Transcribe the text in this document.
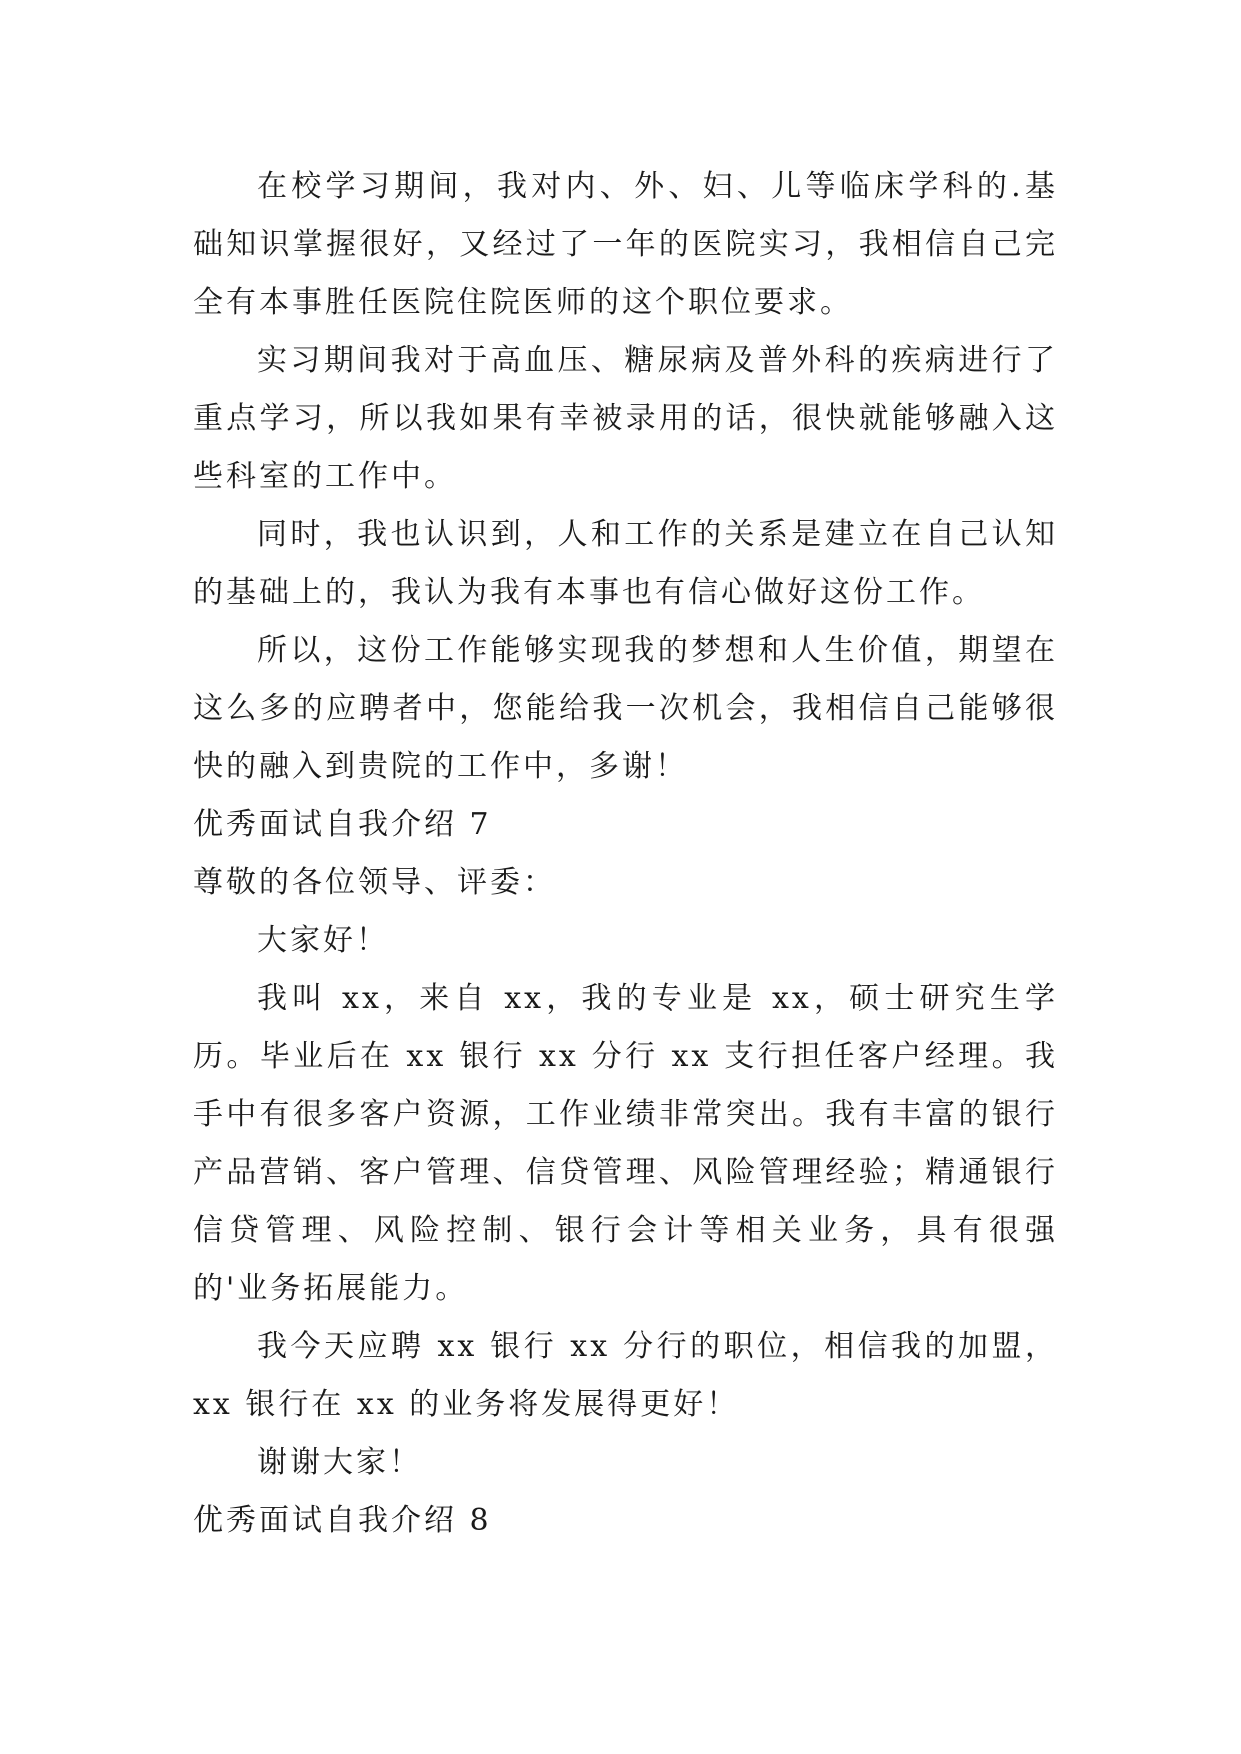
在校学习期间，我对内、外、妇、儿等临床学科的.基础知识掌握很好，又经过了一年的医院实习，我相信自己完全有本事胜任医院住院医师的这个职位要求。

实习期间我对于高血压、糖尿病及普外科的疾病进行了重点学习，所以我如果有幸被录用的话，很快就能够融入这些科室的工作中。

同时，我也认识到，人和工作的关系是建立在自己认知的基础上的，我认为我有本事也有信心做好这份工作。

所以，这份工作能够实现我的梦想和人生价值，期望在这么多的应聘者中，您能给我一次机会，我相信自己能够很快的融入到贵院的工作中，多谢！

优秀面试自我介绍 7

尊敬的各位领导、评委：

大家好！

我叫 xx，来自 xx，我的专业是 xx，硕士研究生学历。毕业后在 xx 银行 xx 分行 xx 支行担任客户经理。我手中有很多客户资源，工作业绩非常突出。我有丰富的银行产品营销、客户管理、信贷管理、风险管理经验；精通银行信贷管理、风险控制、银行会计等相关业务，具有很强的'业务拓展能力。

我今天应聘 xx 银行 xx 分行的职位，相信我的加盟，xx 银行在 xx 的业务将发展得更好！

谢谢大家！

优秀面试自我介绍 8
